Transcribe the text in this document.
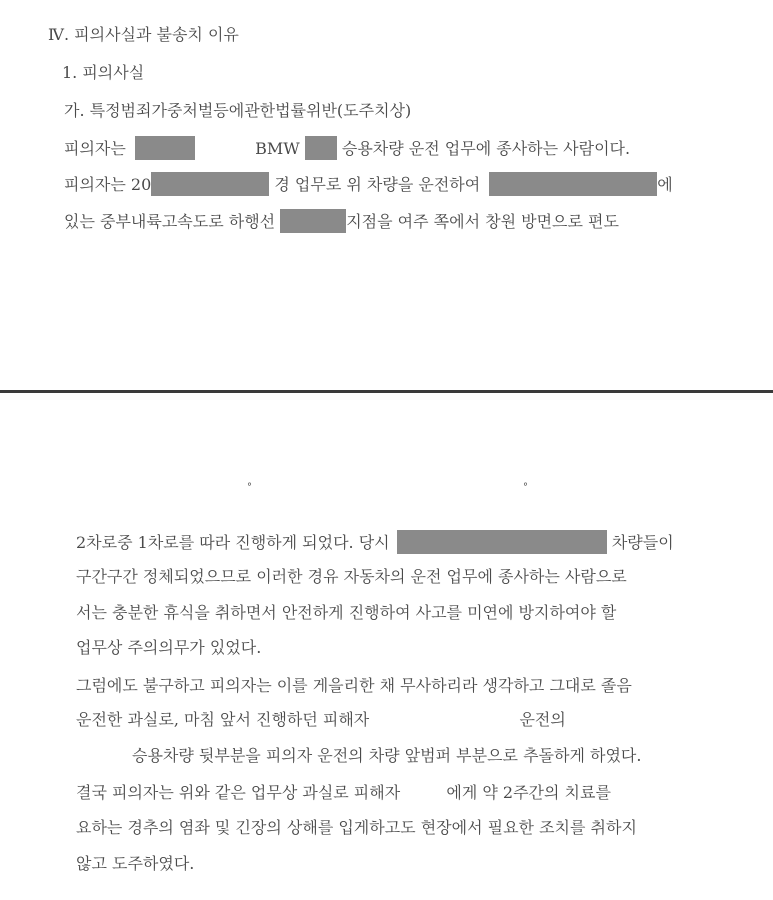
Ⅳ. 피의사실과 불송치 이유
1. 피의사실
가. 특정범죄가중처벌등에관한법률위반(도주치상)
피의자는	BMW	승용차량 운전 업무에 종사하는 사람이다.
피의자는 20	경 업무로 위 차량을 운전하여	에
있는 중부내륙고속도로 하행선	지점을 여주 쪽에서 창원 방면으로 편도
°	°
2차로중 1차로를 따라 진행하게 되었다. 당시	차량들이
구간구간 정체되었으므로 이러한 경유 자동차의 운전 업무에 종사하는 사람으로
서는 충분한 휴식을 취하면서 안전하게 진행하여 사고를 미연에 방지하여야 할
업무상 주의의무가 있었다.
그럼에도 불구하고 피의자는 이를 게을리한 채 무사하리라 생각하고 그대로 졸음
운전한 과실로, 마침 앞서 진행하던 피해자	운전의
승용차량 뒷부분을 피의자 운전의 차량 앞범퍼 부분으로 추돌하게 하였다.
결국 피의자는 위와 같은 업무상 과실로 피해자	에게 약 2주간의 치료를
요하는 경추의 염좌 및 긴장의 상해를 입게하고도 현장에서 필요한 조치를 취하지
않고 도주하였다.
